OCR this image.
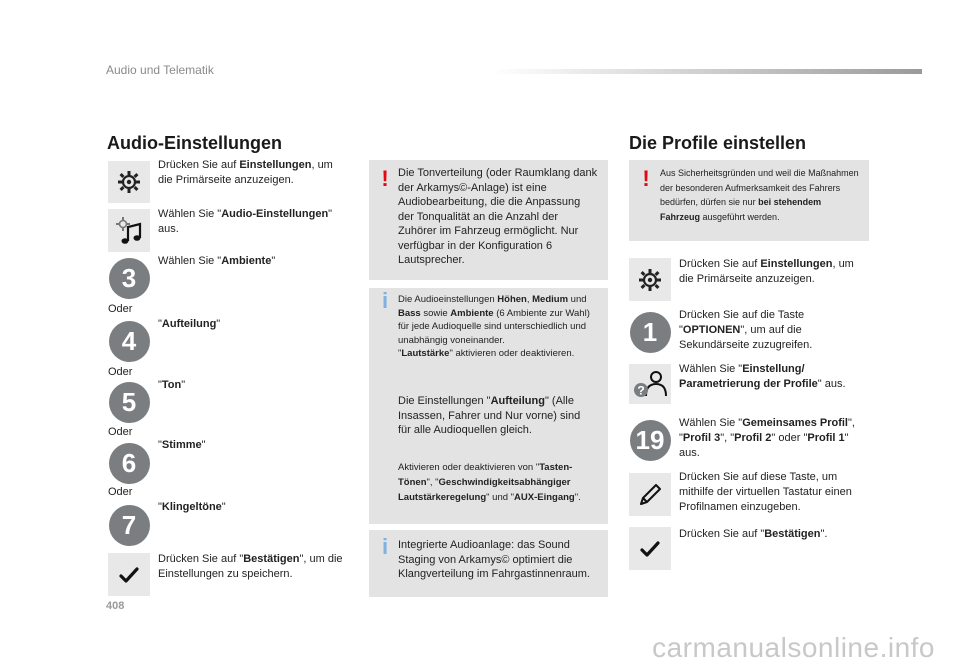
Audio und Telematik
Audio-Einstellungen
Drücken Sie auf Einstellungen, um die Primärseite anzuzeigen.
Wählen Sie "Audio-Einstellungen" aus.
3
Wählen Sie "Ambiente"
Oder
4
"Aufteilung"
Oder
5
"Ton"
Oder
6
"Stimme"
Oder
7
"Klingeltöne"
Drücken Sie auf "Bestätigen", um die Einstellungen zu speichern.
! Die Tonverteilung (oder Raumklang dank der Arkamys©-Anlage) ist eine Audiobearbeitung, die die Anpassung der Tonqualität an die Anzahl der Zuhörer im Fahrzeug ermöglicht. Nur verfügbar in der Konfiguration 6 Lautsprecher.
i	Die Audioeinstellungen Höhen, Medium und Bass sowie Ambiente (6 Ambiente zur Wahl) für jede Audioquelle sind unterschiedlich und unabhängig voneinander.
"Lautstärke" aktivieren oder deaktivieren.
Die Einstellungen "Aufteilung" (Alle Insassen, Fahrer und Nur vorne) sind für alle Audioquellen gleich.
Aktivieren oder deaktivieren von "Tasten-Tönen", "Geschwindigkeitsabhängiger Lautstärkeregelung" und "AUX-Eingang".
i Integrierte Audioanlage: das Sound Staging von Arkamys© optimiert die Klangverteilung im Fahrgastinnenraum.
Die Profile einstellen
!	Aus Sicherheitsgründen und weil die Maßnahmen der besonderen Aufmerksamkeit des Fahrers bedürfen, dürfen sie nur bei stehendem Fahrzeug ausgeführt werden.
Drücken Sie auf Einstellungen, um die Primärseite anzuzeigen.
1
Drücken Sie auf die Taste "OPTIONEN", um auf die Sekundärseite zuzugreifen.
?
Wählen Sie "Einstellung/ Parametrierung der Profile" aus.
19
Wählen Sie "Gemeinsames Profil", "Profil 3", "Profil 2" oder "Profil 1" aus.
Drücken Sie auf diese Taste, um mithilfe der virtuellen Tastatur einen Profilnamen einzugeben.
Drücken Sie auf "Bestätigen".
408
carmanualsonline.info
